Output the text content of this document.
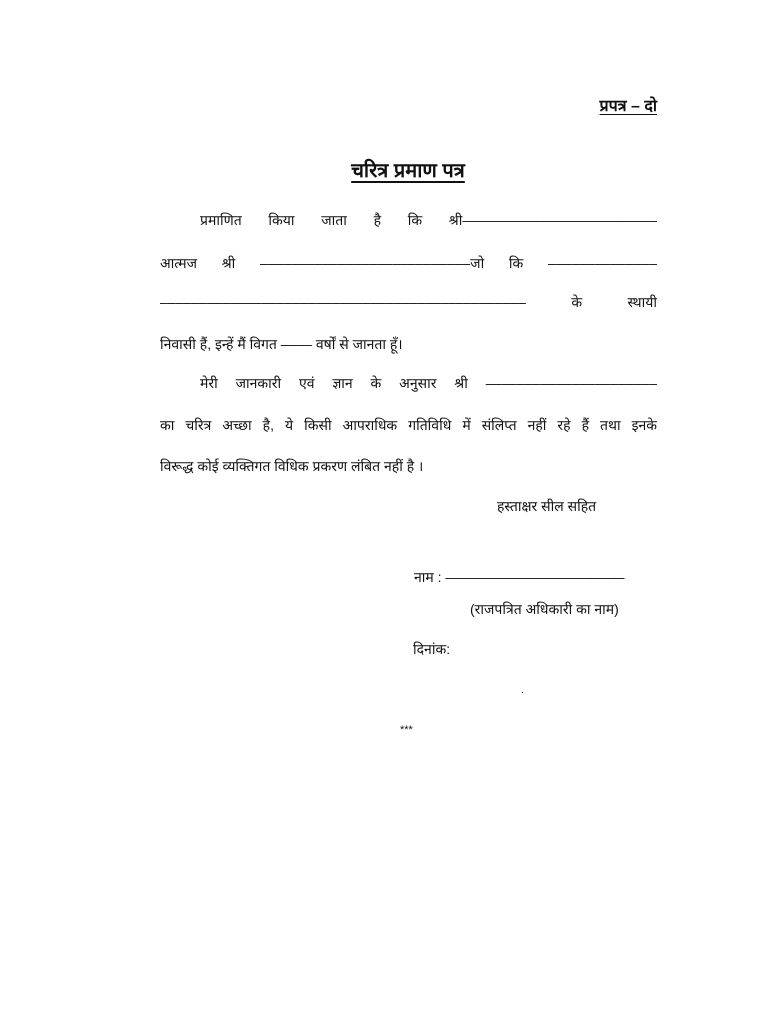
प्रपत्र – दो
चरित्र प्रमाण पत्र
प्रमाणित किया जाता है कि श्री–––––––––––––––––––––––––
आत्मज श्री –––––––––––––––––––––––––––जो कि ––––––––––––––
––––––––––––––––––––––––––––––––––––––––––––––– के स्थायी
निवासी हैं, इन्हें मैं विगत –––– वर्षों से जानता हूँ।
मेरी जानकारी एवं ज्ञान के अनुसार श्री ––––––––––––––––––––––
का चरित्र अच्छा है, ये किसी आपराधिक गतिविधि में संलिप्त नहीं रहे हैं तथा इनके
विरूद्ध कोई व्यक्तिगत विधिक प्रकरण लंबित नहीं है ।
हस्ताक्षर सील सहित
नाम : –––––––––––––––––––––––
(राजपत्रित अधिकारी का नाम)
दिनांक:
.
***
